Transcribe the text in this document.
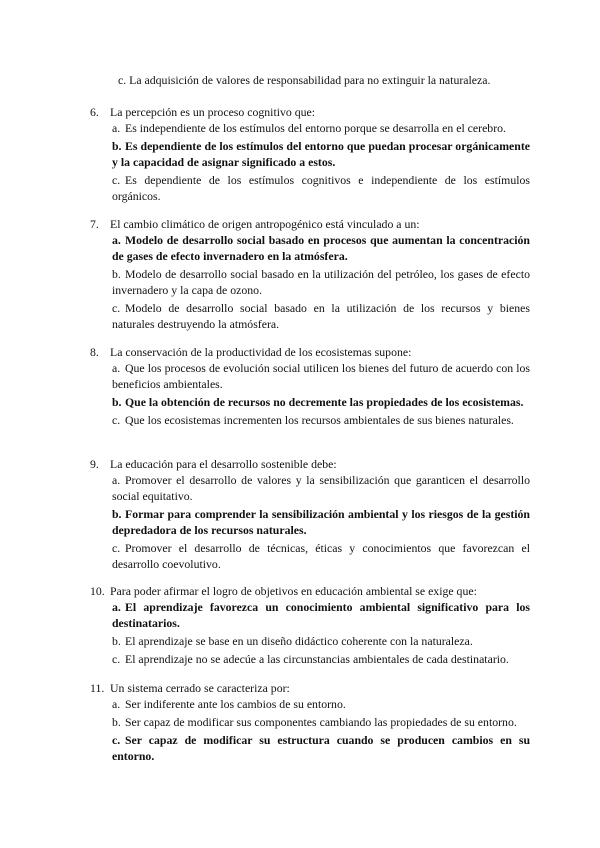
c. La adquisición de valores de responsabilidad para no extinguir la naturaleza.
6. La percepción es un proceso cognitivo que:
a. Es independiente de los estímulos del entorno porque se desarrolla en el cerebro.
b. Es dependiente de los estímulos del entorno que puedan procesar orgánicamente y la capacidad de asignar significado a estos.
c. Es dependiente de los estímulos cognitivos e independiente de los estímulos orgánicos.
7. El cambio climático de origen antropogénico está vinculado a un:
a. Modelo de desarrollo social basado en procesos que aumentan la concentración de gases de efecto invernadero en la atmósfera.
b. Modelo de desarrollo social basado en la utilización del petróleo, los gases de efecto invernadero y la capa de ozono.
c. Modelo de desarrollo social basado en la utilización de los recursos y bienes naturales destruyendo la atmósfera.
8. La conservación de la productividad de los ecosistemas supone:
a. Que los procesos de evolución social utilicen los bienes del futuro de acuerdo con los beneficios ambientales.
b. Que la obtención de recursos no decremente las propiedades de los ecosistemas.
c. Que los ecosistemas incrementen los recursos ambientales de sus bienes naturales.
9. La educación para el desarrollo sostenible debe:
a. Promover el desarrollo de valores y la sensibilización que garanticen el desarrollo social equitativo.
b. Formar para comprender la sensibilización ambiental y los riesgos de la gestión depredadora de los recursos naturales.
c. Promover el desarrollo de técnicas, éticas y conocimientos que favorezcan el desarrollo coevolutivo.
10. Para poder afirmar el logro de objetivos en educación ambiental se exige que:
a. El aprendizaje favorezca un conocimiento ambiental significativo para los destinatarios.
b. El aprendizaje se base en un diseño didáctico coherente con la naturaleza.
c. El aprendizaje no se adecúe a las circunstancias ambientales de cada destinatario.
11. Un sistema cerrado se caracteriza por:
a. Ser indiferente ante los cambios de su entorno.
b. Ser capaz de modificar sus componentes cambiando las propiedades de su entorno.
c. Ser capaz de modificar su estructura cuando se producen cambios en su entorno.
